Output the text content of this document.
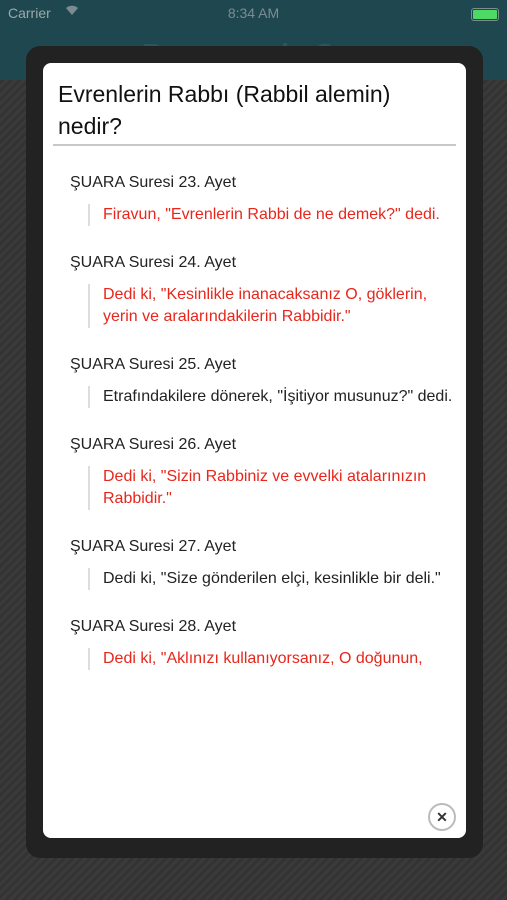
Carrier	8:34 AM
Evrenlerin Rabbı (Rabbil alemin) nedir?
ŞUARA Suresi 23. Ayet
Firavun, "Evrenlerin Rabbi de ne demek?" dedi.
ŞUARA Suresi 24. Ayet
Dedi ki, "Kesinlikle inanacaksanız O, göklerin, yerin ve aralarındakilerin Rabbidir."
ŞUARA Suresi 25. Ayet
Etrafındakilere dönerek, "İşitiyor musunuz?" dedi.
ŞUARA Suresi 26. Ayet
Dedi ki, "Sizin Rabbiniz ve evvelki atalarınızın Rabbidir."
ŞUARA Suresi 27. Ayet
Dedi ki, "Size gönderilen elçi, kesinlikle bir deli."
ŞUARA Suresi 28. Ayet
Dedi ki, "Aklınızı kullanıyorsanız, O doğunun,
✕
